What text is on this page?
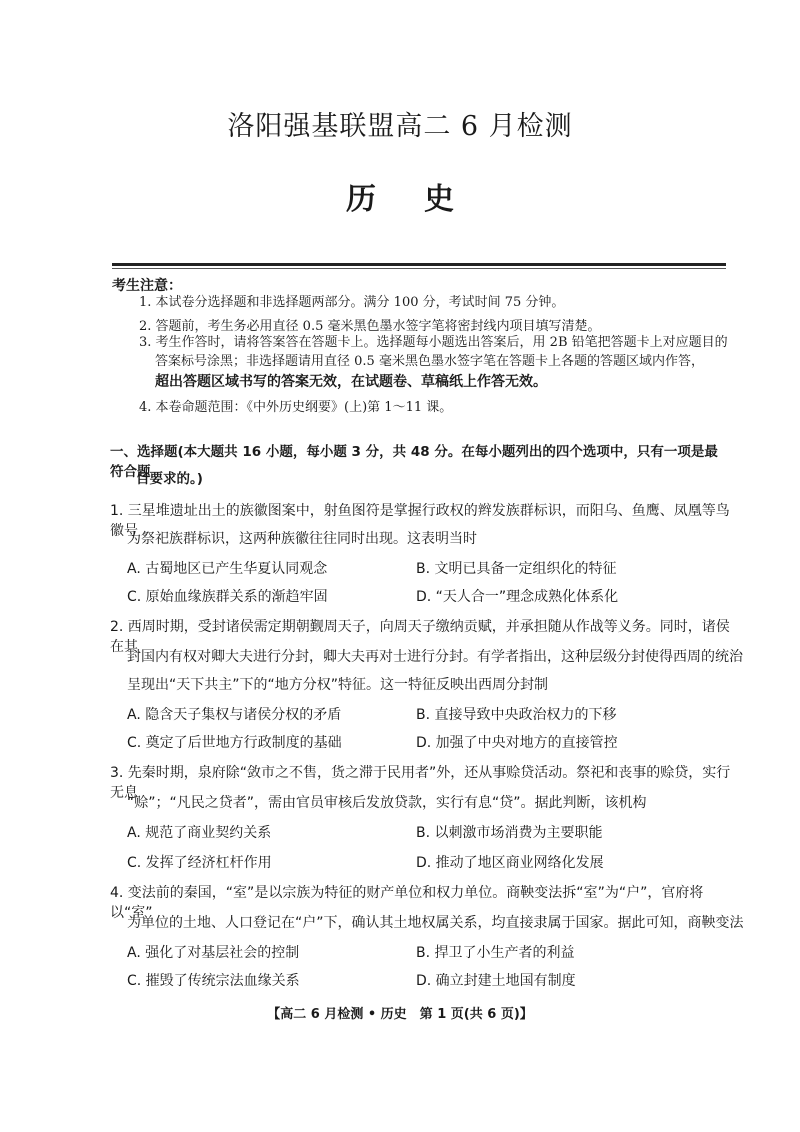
洛阳强基联盟高二 6 月检测
历 史
考生注意：
1. 本试卷分选择题和非选择题两部分。满分 100 分，考试时间 75 分钟。
2. 答题前，考生务必用直径 0.5 毫米黑色墨水签字笔将密封线内项目填写清楚。
3. 考生作答时，请将答案答在答题卡上。选择题每小题选出答案后，用 2B 铅笔把答题卡上对应题目的
答案标号涂黑；非选择题请用直径 0.5 毫米黑色墨水签字笔在答题卡上各题的答题区域内作答，
超出答题区域书写的答案无效，在试题卷、草稿纸上作答无效。
4. 本卷命题范围：《中外历史纲要》(上)第 1～11 课。
一、选择题(本大题共 16 小题，每小题 3 分，共 48 分。在每小题列出的四个选项中，只有一项是最符合题
目要求的。)
1. 三星堆遗址出土的族徽图案中，射鱼图符是掌握行政权的辫发族群标识，而阳乌、鱼鹰、凤凰等鸟徽号
为祭祀族群标识，这两种族徽往往同时出现。这表明当时
A. 古蜀地区已产生华夏认同观念	B. 文明已具备一定组织化的特征
C. 原始血缘族群关系的渐趋牢固	D. “天人合一”理念成熟化体系化
2. 西周时期，受封诸侯需定期朝觐周天子，向周天子缴纳贡赋，并承担随从作战等义务。同时，诸侯在其
封国内有权对卿大夫进行分封，卿大夫再对士进行分封。有学者指出，这种层级分封使得西周的统治
呈现出“天下共主”下的“地方分权”特征。这一特征反映出西周分封制
A. 隐含天子集权与诸侯分权的矛盾	B. 直接导致中央政治权力的下移
C. 奠定了后世地方行政制度的基础	D. 加强了中央对地方的直接管控
3. 先秦时期，泉府除“敛市之不售，货之滞于民用者”外，还从事赊贷活动。祭祀和丧事的赊贷，实行无息
“赊”；“凡民之贷者”，需由官员审核后发放贷款，实行有息“贷”。据此判断，该机构
A. 规范了商业契约关系	B. 以刺激市场消费为主要职能
C. 发挥了经济杠杆作用	D. 推动了地区商业网络化发展
4. 变法前的秦国，“室”是以宗族为特征的财产单位和权力单位。商鞅变法拆“室”为“户”，官府将以“室”
为单位的土地、人口登记在“户”下，确认其土地权属关系，均直接隶属于国家。据此可知，商鞅变法
A. 强化了对基层社会的控制	B. 捍卫了小生产者的利益
C. 摧毁了传统宗法血缘关系	D. 确立封建土地国有制度
【高二 6 月检测 • 历史　第 1 页(共 6 页)】
